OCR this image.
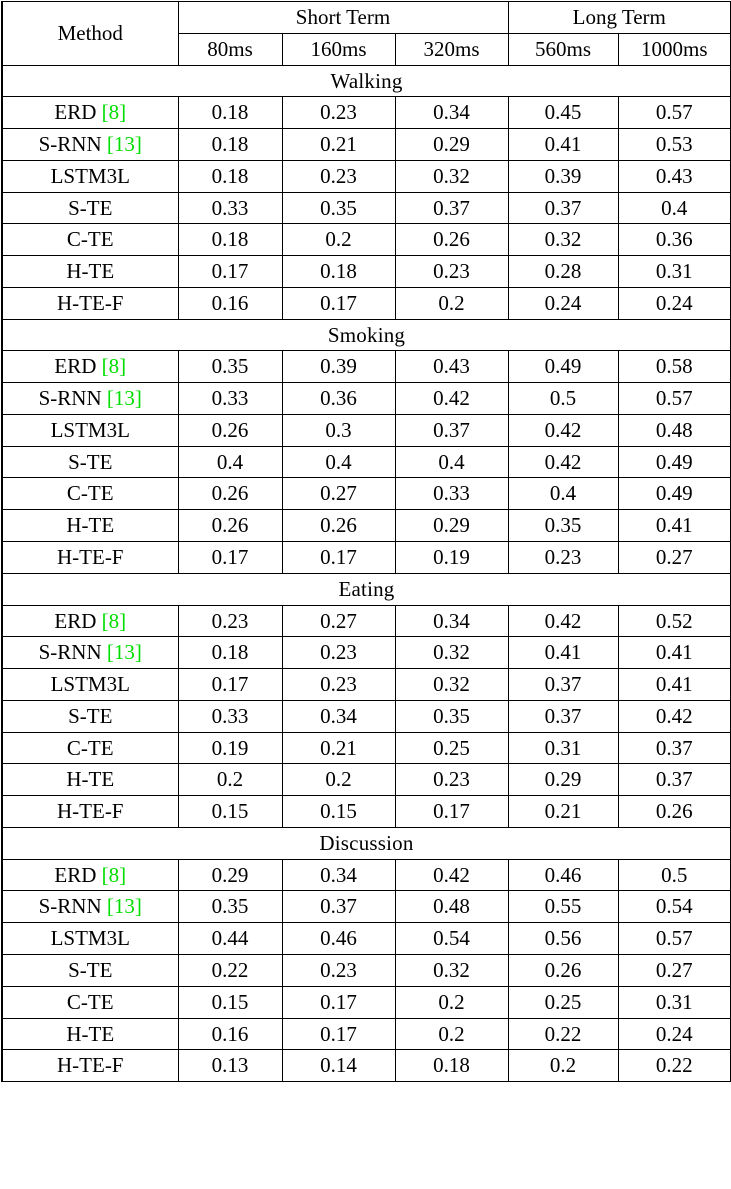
Method	Short Term			Long Term	
	80ms	160ms	320ms	560ms	1000ms
Walking					
ERD [8]	0.18	0.23	0.34	0.45	0.57
S-RNN [13]	0.18	0.21	0.29	0.41	0.53
LSTM3L	0.18	0.23	0.32	0.39	0.43
S-TE	0.33	0.35	0.37	0.37	0.4
C-TE	0.18	0.2	0.26	0.32	0.36
H-TE	0.17	0.18	0.23	0.28	0.31
H-TE-F	0.16	0.17	0.2	0.24	0.24
Smoking					
ERD [8]	0.35	0.39	0.43	0.49	0.58
S-RNN [13]	0.33	0.36	0.42	0.5	0.57
LSTM3L	0.26	0.3	0.37	0.42	0.48
S-TE	0.4	0.4	0.4	0.42	0.49
C-TE	0.26	0.27	0.33	0.4	0.49
H-TE	0.26	0.26	0.29	0.35	0.41
H-TE-F	0.17	0.17	0.19	0.23	0.27
Eating					
ERD [8]	0.23	0.27	0.34	0.42	0.52
S-RNN [13]	0.18	0.23	0.32	0.41	0.41
LSTM3L	0.17	0.23	0.32	0.37	0.41
S-TE	0.33	0.34	0.35	0.37	0.42
C-TE	0.19	0.21	0.25	0.31	0.37
H-TE	0.2	0.2	0.23	0.29	0.37
H-TE-F	0.15	0.15	0.17	0.21	0.26
Discussion					
ERD [8]	0.29	0.34	0.42	0.46	0.5
S-RNN [13]	0.35	0.37	0.48	0.55	0.54
LSTM3L	0.44	0.46	0.54	0.56	0.57
S-TE	0.22	0.23	0.32	0.26	0.27
C-TE	0.15	0.17	0.2	0.25	0.31
H-TE	0.16	0.17	0.2	0.22	0.24
H-TE-F	0.13	0.14	0.18	0.2	0.22
